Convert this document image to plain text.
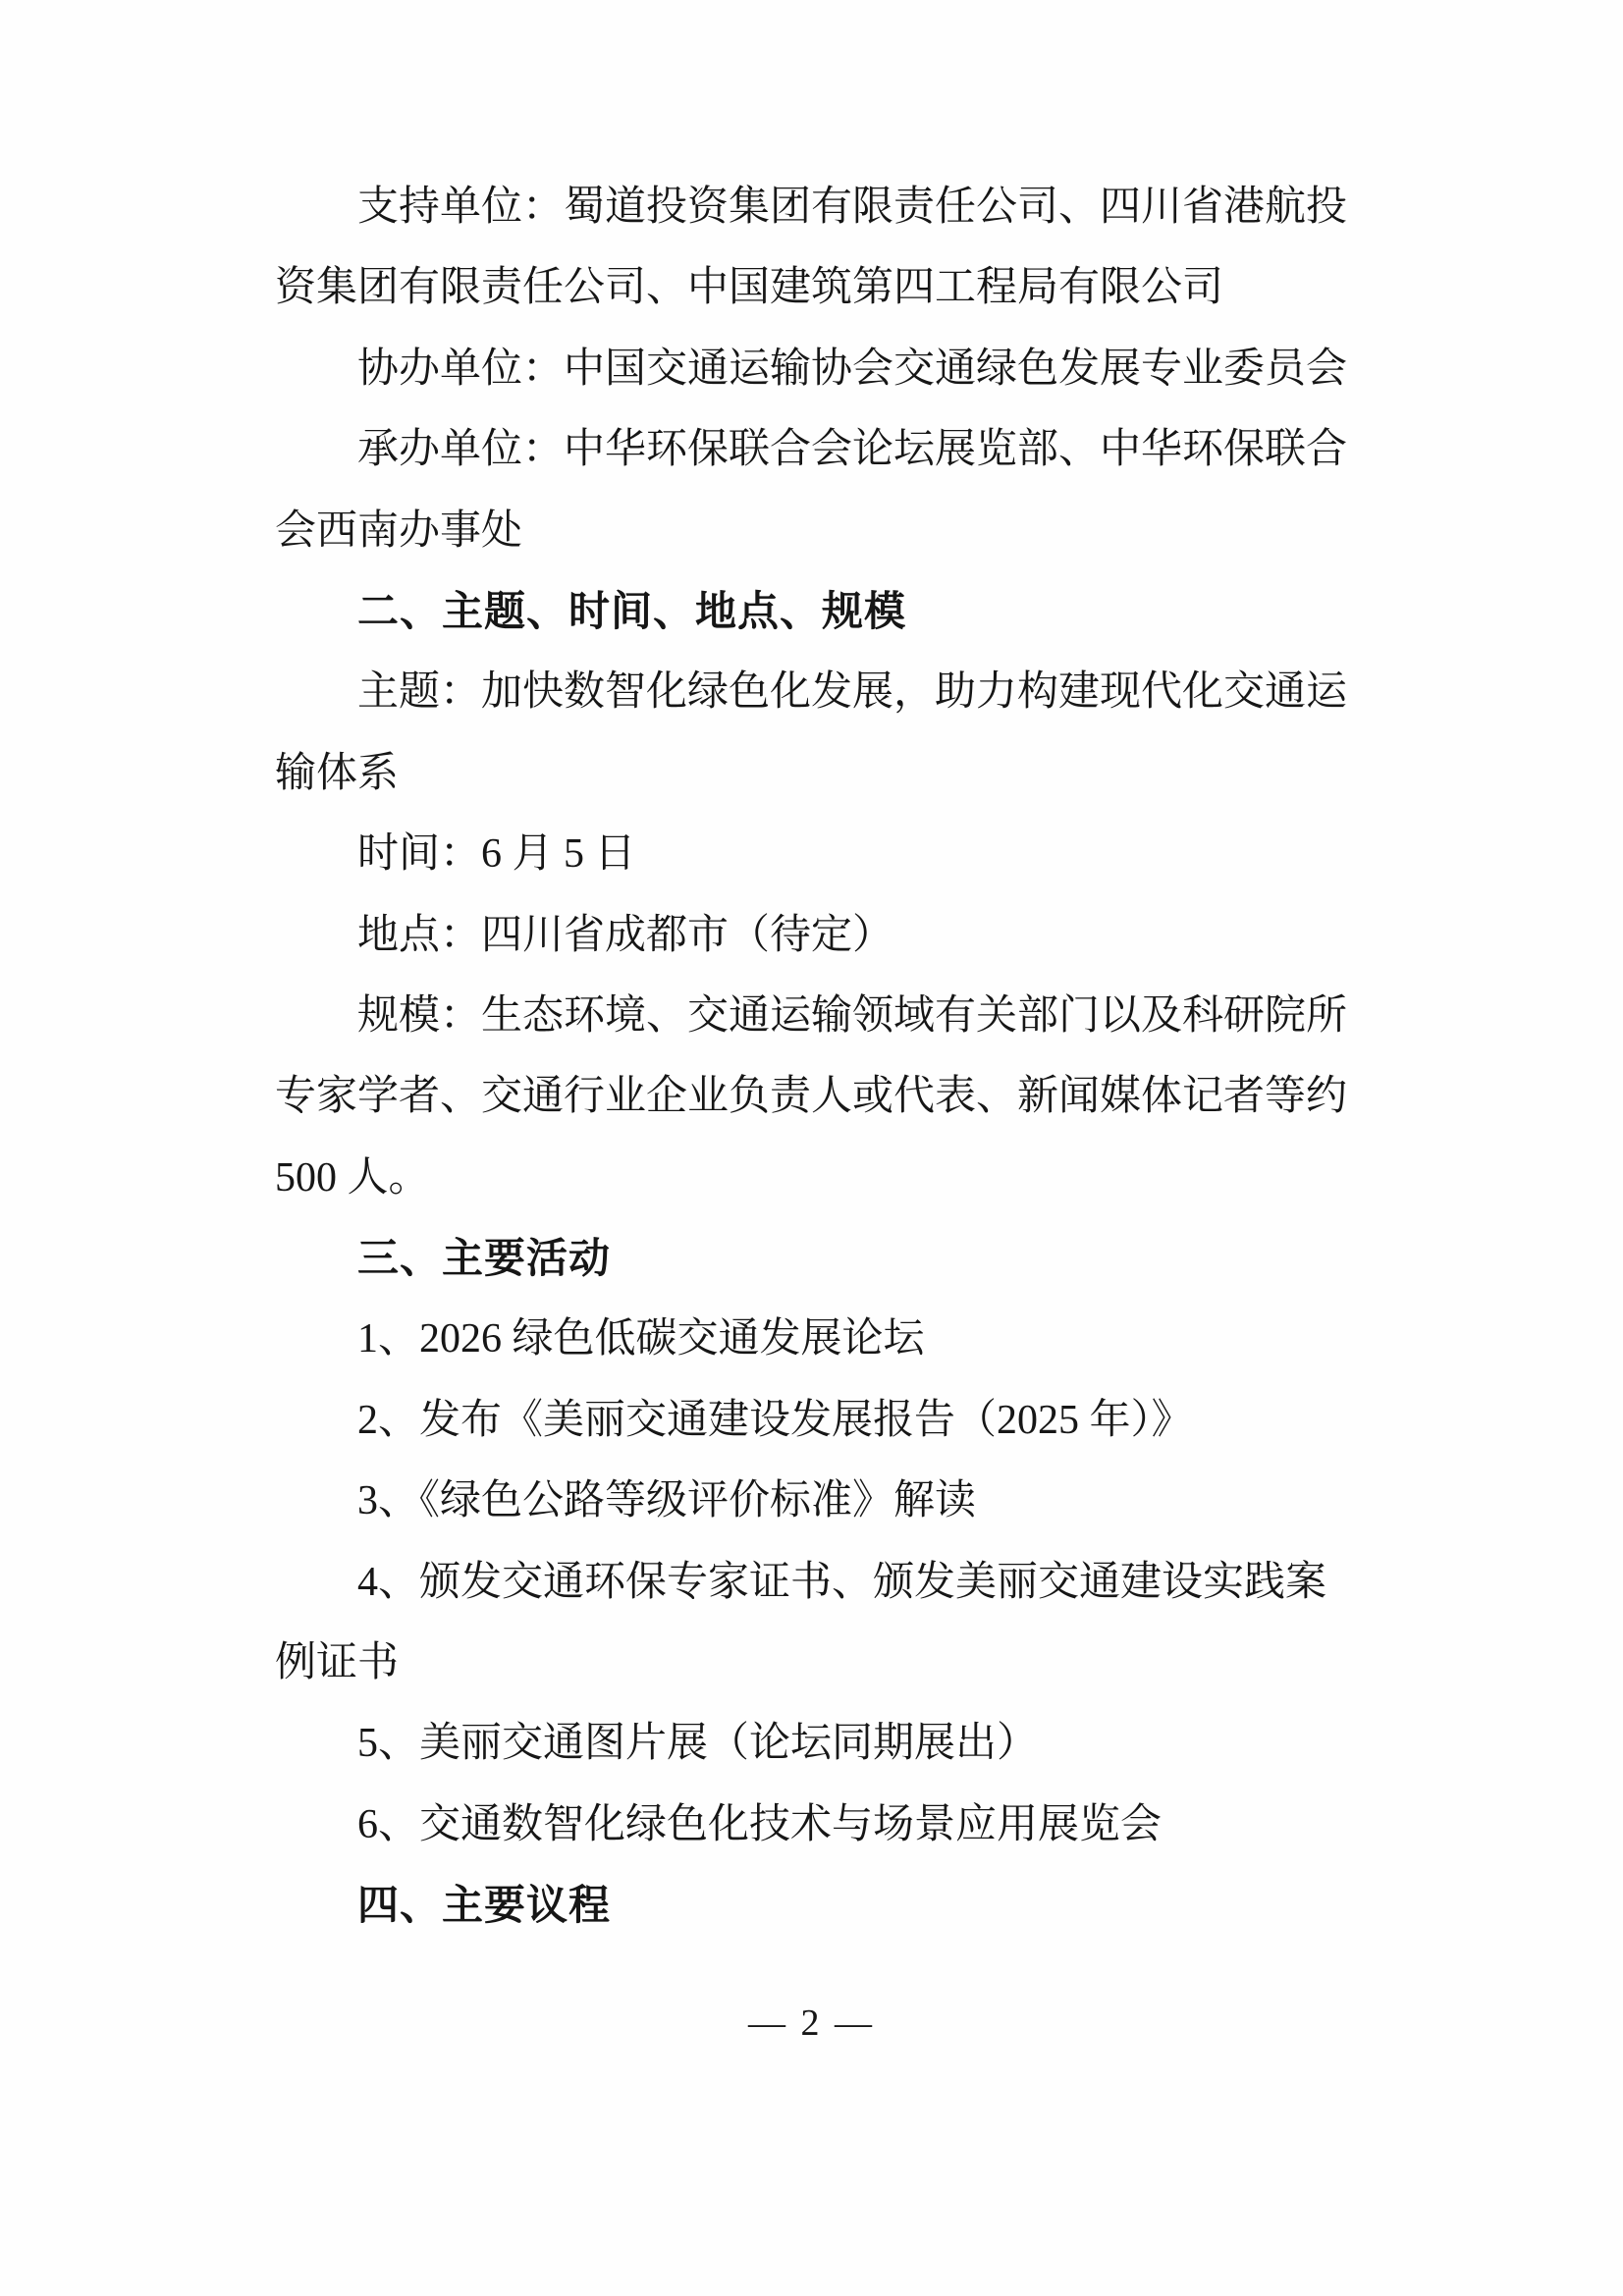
支持单位：蜀道投资集团有限责任公司、四川省港航投
资集团有限责任公司、中国建筑第四工程局有限公司
协办单位：中国交通运输协会交通绿色发展专业委员会
承办单位：中华环保联合会论坛展览部、中华环保联合
会西南办事处
二、主题、时间、地点、规模
主题：加快数智化绿色化发展，助力构建现代化交通运
输体系
时间：6 月 5 日
地点：四川省成都市（待定）
规模：生态环境、交通运输领域有关部门以及科研院所
专家学者、交通行业企业负责人或代表、新闻媒体记者等约
500 人。
三、主要活动
1、2026 绿色低碳交通发展论坛
2、发布《美丽交通建设发展报告（2025 年）》
3、《绿色公路等级评价标准》解读
4、颁发交通环保专家证书、颁发美丽交通建设实践案
例证书
5、美丽交通图片展（论坛同期展出）
6、交通数智化绿色化技术与场景应用展览会
四、主要议程
— 2 —
